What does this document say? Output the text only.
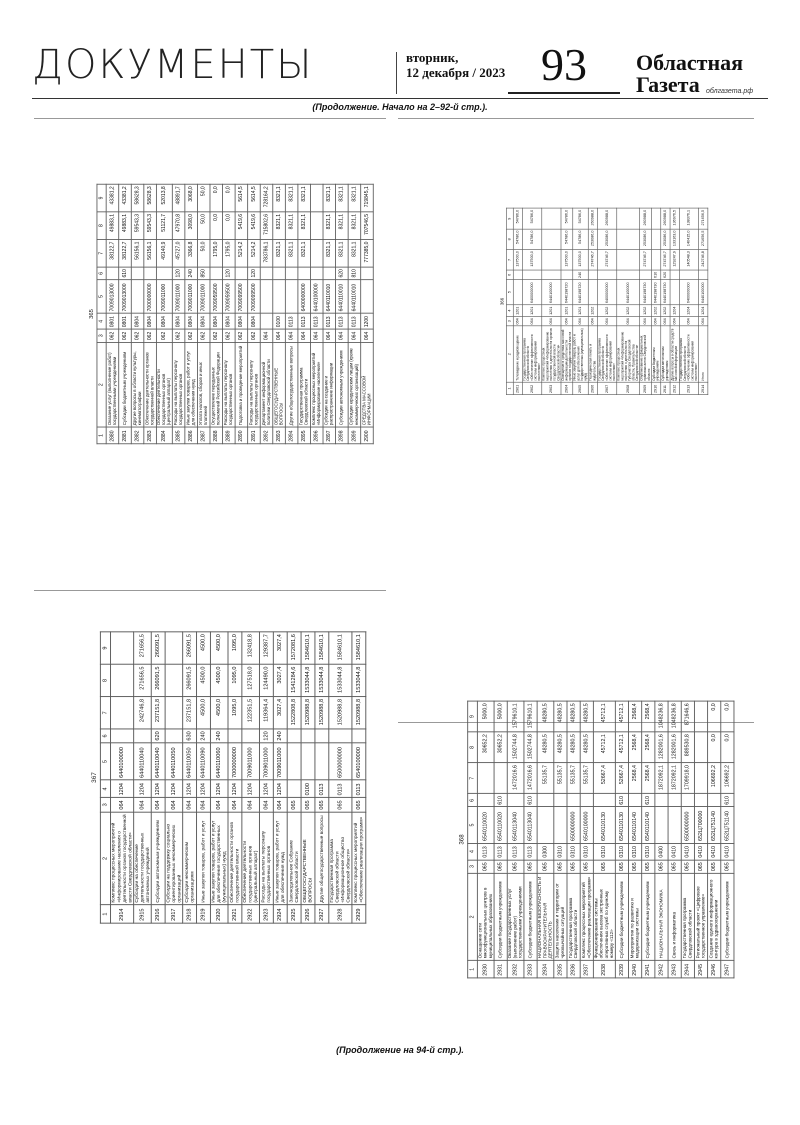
ДОКУМЕНТЫ	вторник,
12 декабря / 2023 93	Областная
Газета облгазета.рф
(Продолжение. Начало на 2–92-й стр.).
365
1	2	3	4	5	6	7	8	9
2880	Оказание услуг (выполнение работ) государственными учреждениями	062	0801	7009013000		38122,7	49883,1	43381,2
2881	Субсидии бюджетным учреждениям	062	0801	7009013000	610	38122,7	49883,1	43381,2
2882	Другие вопросы в области культуры, кинематографии	062	0804			56156,1	59543,3	58628,3
2883	Обеспечение деятельности органов государственной власти	062	0804	7000000000		56156,1	59543,3	58628,3
2884	Обеспечение деятельности государственных органов (центральный аппарат)	062	0804	7009011000		49140,9	51121,7	52013,8
2885	Расходы на выплаты персоналу государственных органов	062	0804	7009011000	120	45727,0	47970,8	48891,7
2886	Иные закупки товаров, работ и услуг для обеспечения нужд	062	0804	7009011000	240	3366,8	3098,0	3068,0
2887	Уплата налогов, сборов и иных платежей	062	0804	7009011000	850	50,0	50,0	50,0
2888	Осуществление переданных полномочий Российской Федерации	062	0804	7009059500		1795,0	0,0	0,0
2889	Расходы на выплаты персоналу государственных органов	062	0804	7009059500	120	1795,0	0,0	0,0
2890	Подготовка и проведение мероприятий	062	0804	7009099500		5214,2	5419,6	5614,5
2891	Расходы на выплаты персоналу государственных органов	062	0804	7009099500	120	5214,2	5419,6	5614,5
2892	Департамент информационной политики Свердловской области	064				783786,1	715802,6	728164,2
2893	ОБЩЕГОСУДАРСТВЕННЫЕ ВОПРОСЫ	064	0100			8321,1	8321,1	8321,1
2894	Другие общегосударственные вопросы	064	0113			8321,1	8321,1	8321,1
2895	Государственная программа Свердловской области	064	0113	6400000000		8321,1	8321,1	8321,1
2896	Комплекс процессных мероприятий «Информирование населения»	064	0113	6440100000				
2897	Субсидии на создание и распространение информации	064	0113	6440110010		8321,1	8321,1	8321,1
2898	Субсидии автономным учреждениям	064	0113	6440110010	620	8321,1	8321,1	8321,1
2899	Субсидии юридическим лицам (кроме некоммерческих организаций)	064	0113	6440110010	810	8321,1	8321,1	8321,1
2900	СРЕДСТВА МАССОВОЙ ИНФОРМАЦИИ	064	1200			777385,0	707546,5	719845,1
366
1	2	3	4	5	6	7	8	9
2901	Телевидение и радиовещание	064	1201			137500,0	54786,0	54786,0
2902	Государственная программа Свердловской области «Обеспечение эффективности системы информирования населения»	064	1201	6400000000		137500,0	54786,0	54786,0
2903	Комплекс процессных мероприятий «Информирование населения о деятельности органов государственной власти Свердловской области»	064	1201	6440100000				
2904	Освещение в средствах массовой информации деятельности органов государственной власти	064	1201	6440198720		137500,0	54786,0	54786,0
2905	Иные закупки товаров, работ и услуг для обеспечения государственных (муниципальных) нужд	064	1201	6440198720	240	137500,0	54786,0	54786,0
2906	Периодическая печать и издательства	064	1202			274746,7	253086,0	260988,0
2907	Государственная программа Свердловской области «Обеспечение эффективности системы информирования населения»	064	1202	6400000000		274746,7	253086,0	260988,0
2908	Комплекс процессных мероприятий «Информирование населения о деятельности Губернатора Свердловской области, Правительства Свердловской области»	064	1202	6440100000				
2909	Опубликование официальных правовых актов Свердловской области	064	1202	6440198730		274746,7	253086,0	260988,0
2910	Субсидии бюджетным учреждениям	064	1202	6440198730	610			
2911	Субсидии автономным учреждениям	064	1202	6440198730	620	274746,7	253086,0	260988,0
2912	Другие вопросы в области средств массовой информации	064	1204			129247,9	133163,0	136976,5
2913	Государственная программа Свердловской области «Обеспечение эффективности системы информирования населения»	064	1204	6400000000		140548,3	140415,0	138376,1
2914	Итого	064	1204	6440100000		242746,8	271656,5	271656,5
367
1	2	3	4	5	6	7	8	9
2914	Комплекс процессных мероприятий «Информирование населения о деятельности органов государственной власти Свердловской области»	064	1204	6440100000				
2915	Субсидии на обеспечение деятельности государственных автономных учреждений	064	1204	6440110040		242746,8	271656,5	271656,5
2916	Субсидии автономным учреждениям	064	1204	6440110040	620	237151,8	266091,5	266091,5
2917	Субсидии на поддержку социально ориентированных некоммерческих организаций	064	1204	6440110050				
2918	Субсидии некоммерческим организациям	064	1204	6440110050	630	237151,8	266091,5	266091,5
2919	Иные закупки товаров, работ и услуг	064	1204	6440110090	240	4500,0	4500,0	4500,0
2920	Иные закупки товаров, работ и услуг для обеспечения государственных (муниципальных) нужд	064	1204	6440110060	240	4500,0	4500,0	4500,0
2921	Обеспечение деятельности органов государственной власти	064	1204	7000000000		1095,0	1095,0	1095,0
2922	Обеспечение деятельности государственных органов (центральный аппарат)	064	1204	7009011000		122351,5	127518,0	132418,8
2923	Расходы на выплаты персоналу государственных органов	064	1204	7009011000	120	119364,4	124490,0	129387,7
2924	Иные закупки товаров, работ и услуг для обеспечения нужд	064	1204	7009011000	240	3027,4	3027,4	3027,4
2925	Законодательное Собрание Свердловской области	065				1522808,8	1541284,6	1572081,6
2926	ОБЩЕГОСУДАРСТВЕННЫЕ ВОПРОСЫ	065	0100			1520988,8	1533044,8	1584610,1
2927	Другие общегосударственные вопросы	065	0113			1520988,8	1533044,8	1584610,1
2928	Государственная программа Свердловской области «Информационное общество Свердловской области»	065	0113	6500000000		1520988,8	1533044,8	1584610,1
2929	Комплекс процессных мероприятий «Обеспечение реализации программ»	065	0113	6540100000		1520988,8	1533044,8	1584610,1
368
1	2	3	4	5	6	7	8	9
2930	Оснащение сети многофункциональных центров в муниципальных образованиях	065	0113	6540110020			30652,2	5000,0
2931	Субсидии бюджетным учреждениям	065	0113	6540110020	610		30652,2	5000,0
2932	Оказание государственных услуг (выполнение работ) государственными учреждениями	065	0113	6540113040		1472016,6	1502744,8	1579610,1
2933	Субсидии бюджетным учреждениям	065	0113	6540113040	610	1472016,6	1502744,8	1579610,1
2934	НАЦИОНАЛЬНАЯ БЕЗОПАСНОСТЬ И ПРАВООХРАНИТЕЛЬНАЯ ДЕЯТЕЛЬНОСТЬ	065	0300			55135,7	48280,5	48280,5
2935	Защита населения и территории от чрезвычайных ситуаций	065	0310			55135,7	48280,5	48280,5
2936	Государственная программа Свердловской области	065	0310	6500000000		55135,7	48280,5	48280,5
2937	Комплекс процессных мероприятий «Обеспечение реализации программ»	065	0310	6540100000		55135,7	48280,5	48280,5
2938	Функционирование системы обеспечения вызова экстренных оперативных служб по единому номеру «112»	065	0310	6540110130		52667,4	45712,1	45712,1
2939	Субсидии бюджетным учреждениям	065	0310	6540110130	610	52667,4	45712,1	45712,1
2940	Мероприятия по развитию и модернизации системы	065	0310	6540110140		2568,4	2568,4	2568,4
2941	Субсидии бюджетным учреждениям	065	0310	6540110140	610	2568,4	2568,4	2568,4
2942	НАЦИОНАЛЬНАЯ ЭКОНОМИКА	065	0400			1872092,1	1282001,6	1048236,8
2943	Связь и информатика	065	0410			1872092,1	1282001,6	1048236,8
2944	Государственная программа Свердловской области	065	0410	6500000000		1709918,0	889530,8	871646,6
2945	Региональный проект «Цифровое государственное управление»	065	0410	652Ц700000				
2946	Создание единого информационного контура в здравоохранении	065	0410	652Ц751140		106692,2	0,0	0,0
2947	Субсидии бюджетным учреждениям	065	0410	652Ц751140	610	106692,2	0,0	0,0
(Продолжение на 94-й стр.).
